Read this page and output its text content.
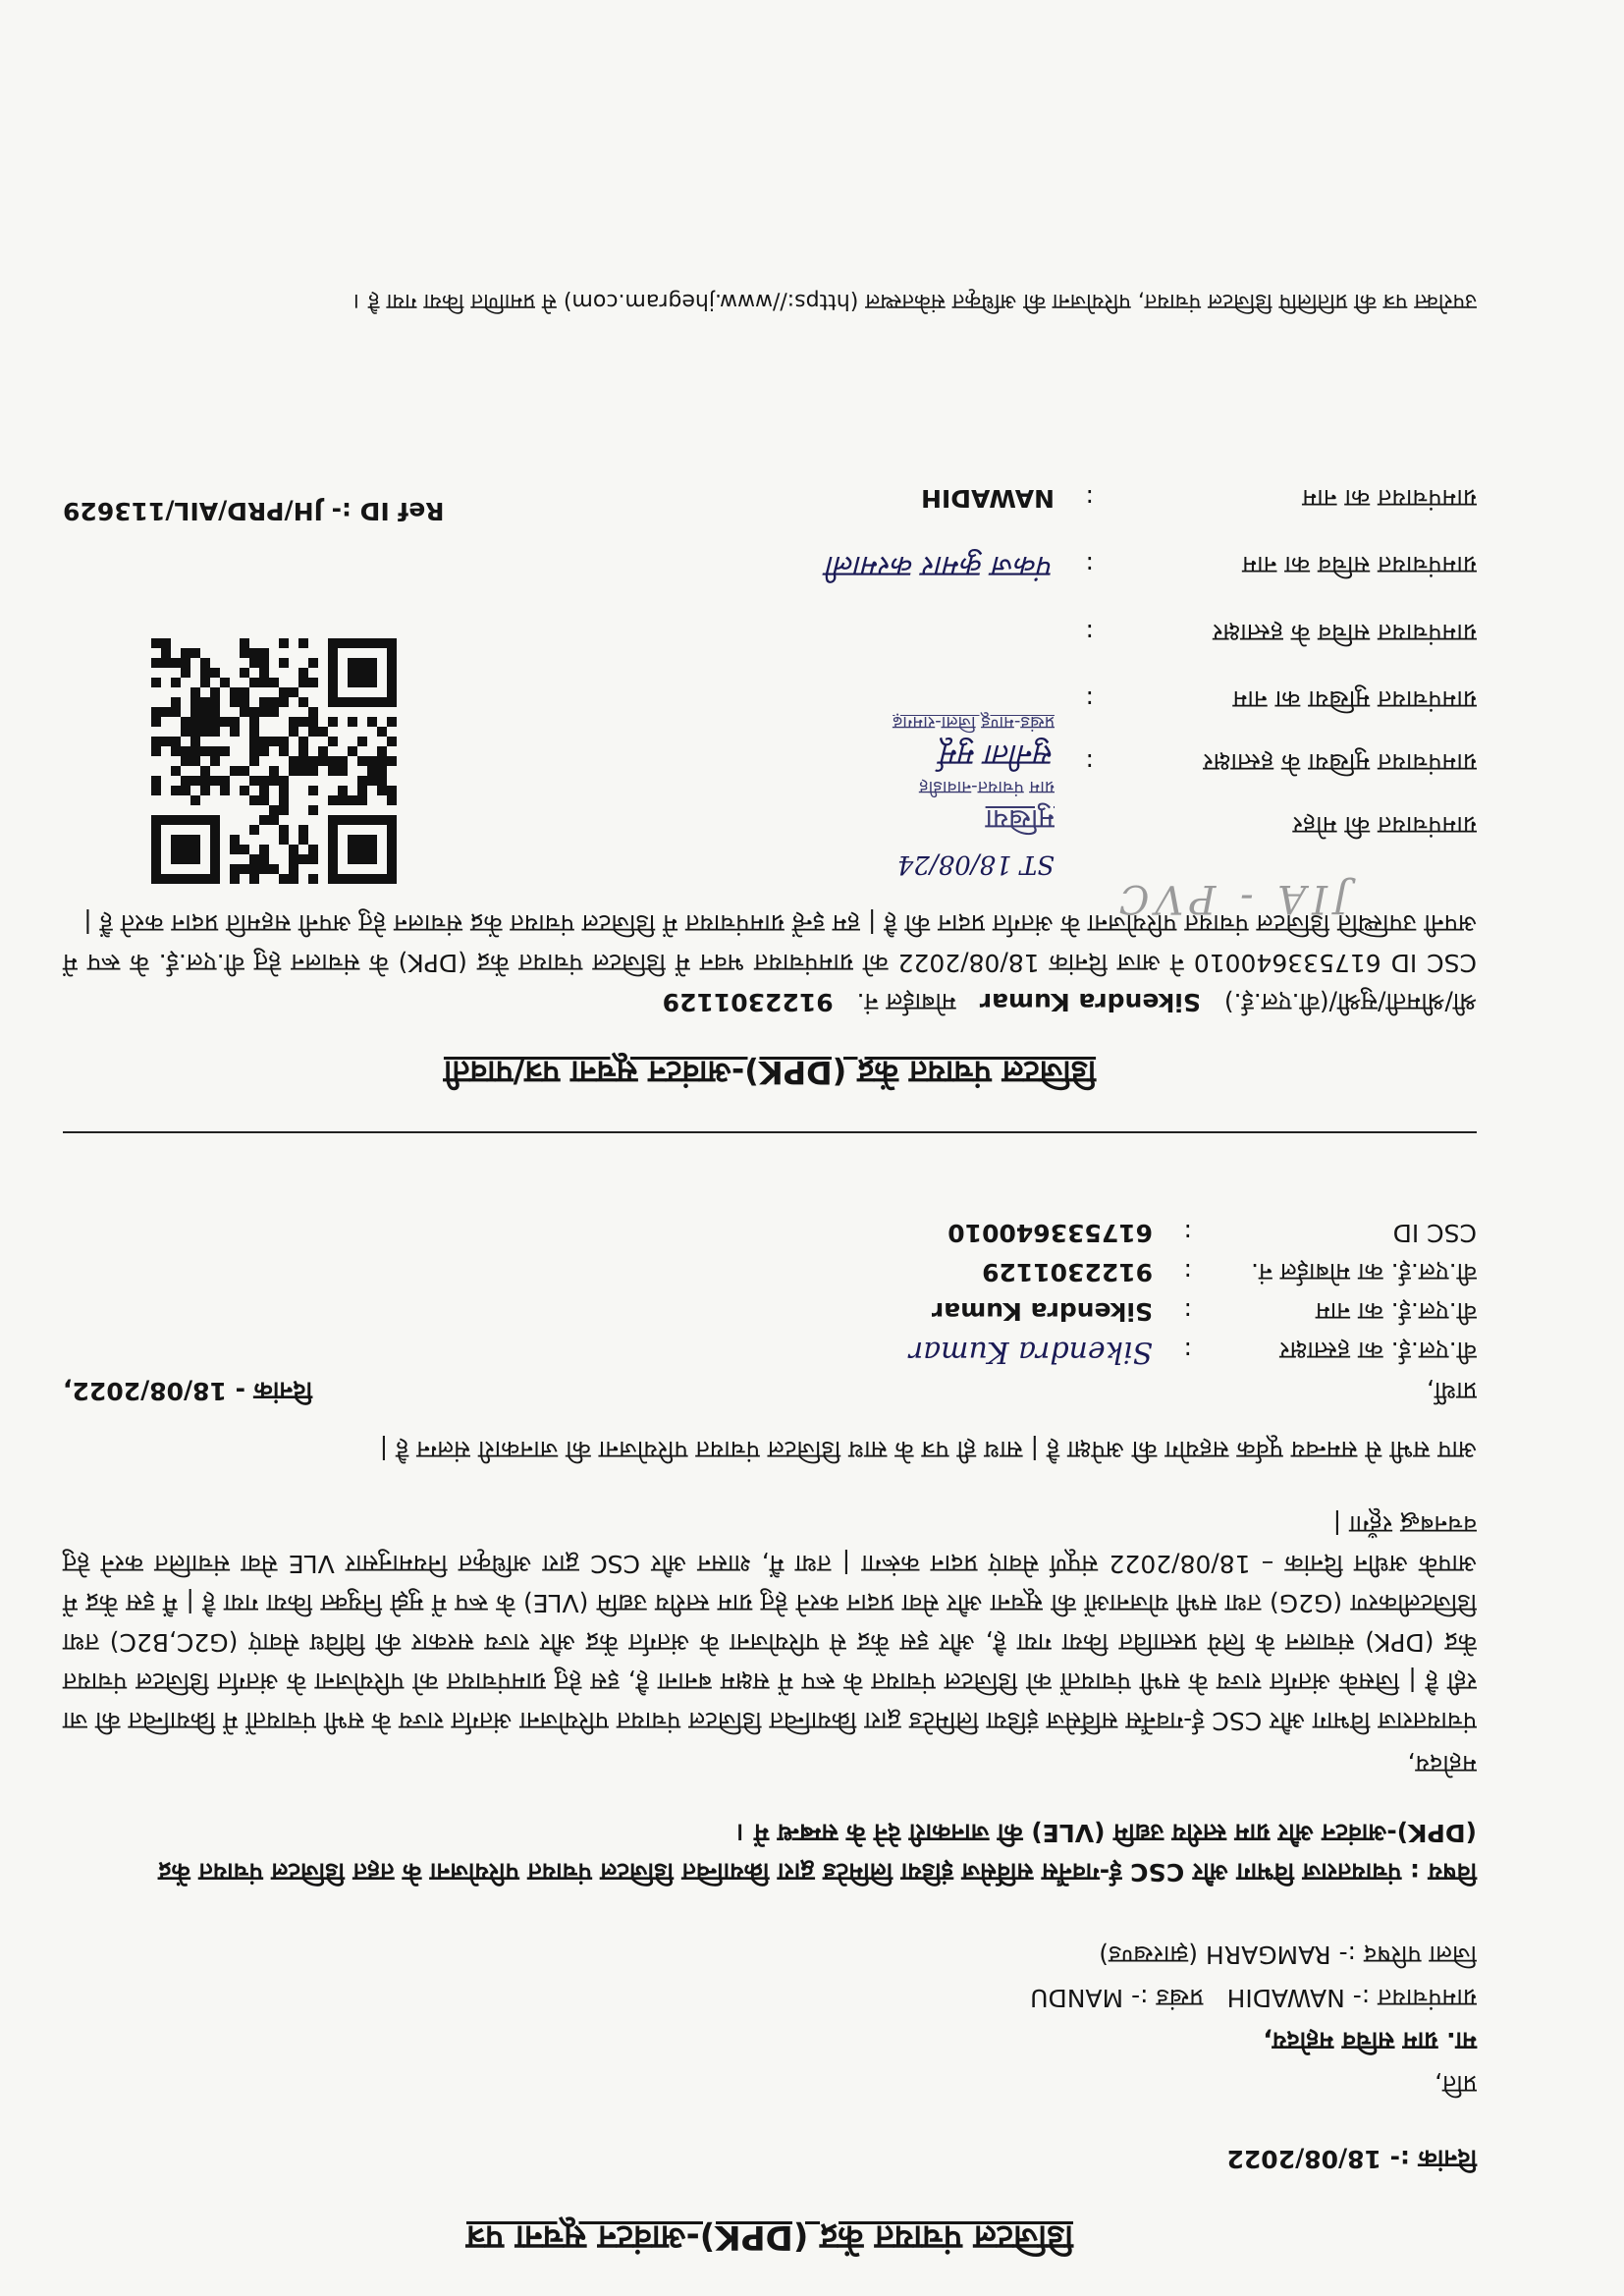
डिजिटल पंचायत केंद्र (DPK)-आवंटन सूचना पत्र
दिनांक :- 18/08/2022
प्रति,
मा. ग्राम सचिव महोदय,
ग्रामपंचायत :- NAWADIH
प्रखंड :- MANDU
जिला परिषद :- RAMGARH (झारखण्ड)
विषय : पंचायतराज विभाग और CSC ई-गवर्नेंस सर्विसेज इंडिया लिमिटेड द्वारा क्रियान्वित डिजिटल पंचायत परियोजना के तहत डिजिटल पंचायत केंद्र (DPK)-आवंटन और ग्राम स्तरीय उद्यमि (VLE) की जानकारी देने के सम्बन्ध में ।
महोदय,
पंचायतराज विभाग और CSC ई-गवर्नेंस सर्विसेज इंडिया लिमिटेड द्वारा क्रियान्वित डिजिटल पंचायत परियोजना अंतर्गत राज्य के सभी पंचायतों में क्रियान्वित की जा रही है | जिसके अंतर्गत राज्य के सभी पंचायतों को डिजिटल पंचायत के रूप में सक्षम बनाना है, इस हेतु ग्रामपंचायत को परियोजना के अंतर्गत डिजिटल पंचायत केंद्र (DPK) संचालन के लिये प्रस्तावित किया गया है, और इस केंद्र से परियोजना के अंतर्गत केंद्र और राज्य सरकार की विविध सेवाएं (G2C,B2C) तथा डिजिटलीकरण (G2G) तथा सभी योजनाओं की सूचना और सेवा प्रदान करने हेतु ग्राम स्तरीय उद्यमि (VLE) के रूप में मुझे नियुक्त किया गया है | मैं इस केंद्र में आपके अधीन दिनांक – 18/08/2022 संपूर्ण सेवाएं प्रदान करूंगा | तथा मैं, शासन और CSC द्वारा अधिकृत नियमानुसार VLE सेवा संचालित करने हेतु वचनबद्ध रहूँगा |
आप सभी से समन्वय पूर्वक सहयोग की अपेक्षा है | साथ ही पत्र के साथ डिजिटल पंचायत परियोजना की जानकारी संलग्न है |
प्रार्थी,
वी.एल.ई. का हस्ताक्षर
:
Sikendra Kumar
वी.एल.ई. का नाम
:
Sikendra Kumar
वी.एल.ई. का मोबाईल नं.
:
9122301129
CSC ID
:
617533640010
दिनांक - 18/08/2022,
डिजिटल पंचायत केंद्र (DPK)-आवंटन सूचना पत्र/पावती
श्री/श्रीमती/सुश्री/(वी.एल.ई.)
Sikendra Kumar
मोबाईल नं.
9122301129
CSC ID 617533640010 ने आज दिनांक 18/08/2022 को ग्रामपंचायत भवन में डिजिटल पंचायत केंद्र (DPK) के संचालन हेतु वी.एल.ई. के रूप में अपनी उपस्थिति डिजिटल पंचायत परियोजना के अंतर्गत प्रदान की है | हम इन्हें ग्रामपंचायत में डिजिटल पंचायत केंद्र संचालन हेतु अपनी सहमति प्रदान करते हैं |
ग्रामपंचायत की मोहर
ग्रामपंचायत मुखिया के हस्ताक्षर
:
ग्रामपंचायत मुखिया का नाम
:
ग्रामपंचायत सचिव के हस्ताक्षर
:
ग्रामपंचायत सचिव का नाम
:
पंकज कुमार करमाली
ग्रामपंचायत का नाम
:
NAWADIH
ST 18/08/24
मुखिया
ग्राम पंचायत-नावाडीह
सुनीता मुर्मू
प्रखंड-माण्डू जिला-रामगढ़
Ref ID :- JH/PRD/AIL/113629
उपरोक्त पत्र की प्रतिलिपि डिजिटल पंचायत, परियोजना की अधिकृत संकेतस्थल (https://www.jhegram.com) से प्रमाणित किया गया है ।
JIA - PVC
